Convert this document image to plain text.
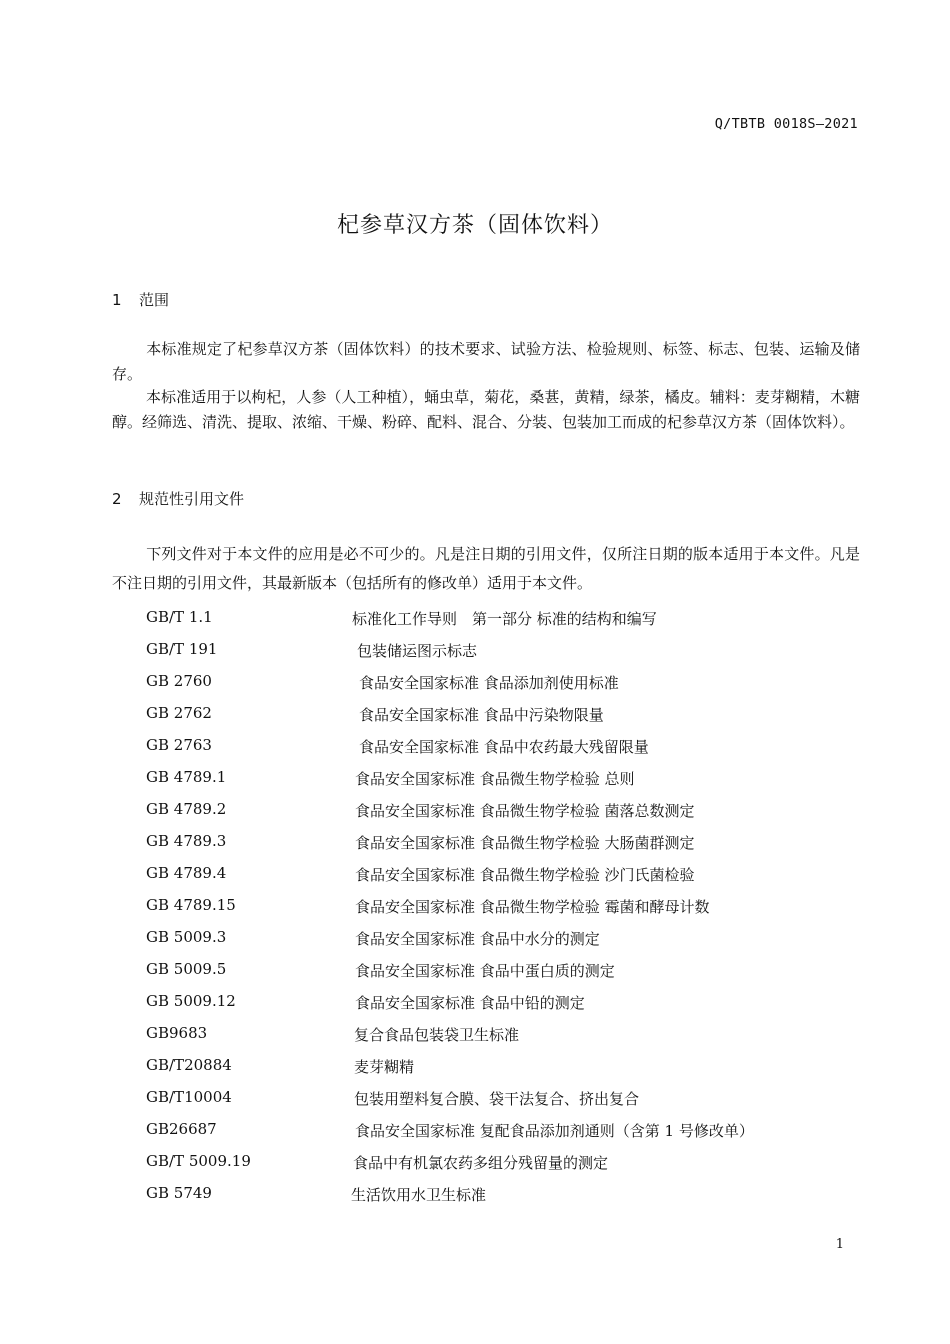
Q/TBTB 0018S—2021
杞参草汉方茶（固体饮料）
1 范围
本标准规定了杞参草汉方茶（固体饮料）的技术要求、试验方法、检验规则、标签、标志、包装、运输及储存。
本标准适用于以枸杞，人参（人工种植），蛹虫草，菊花，桑葚，黄精，绿茶，橘皮。辅料：麦芽糊精，木糖醇。经筛选、清洗、提取、浓缩、干燥、粉碎、配料、混合、分装、包装加工而成的杞参草汉方茶（固体饮料）。
2 规范性引用文件
下列文件对于本文件的应用是必不可少的。凡是注日期的引用文件，仅所注日期的版本适用于本文件。凡是不注日期的引用文件，其最新版本（包括所有的修改单）适用于本文件。
GB/T 1.1	标准化工作导则　第一部分 标准的结构和编写
GB/T 191	包装储运图示标志
GB 2760	食品安全国家标准 食品添加剂使用标准
GB 2762	食品安全国家标准 食品中污染物限量
GB 2763	食品安全国家标准 食品中农药最大残留限量
GB 4789.1	食品安全国家标准 食品微生物学检验 总则
GB 4789.2	食品安全国家标准 食品微生物学检验 菌落总数测定
GB 4789.3	食品安全国家标准 食品微生物学检验 大肠菌群测定
GB 4789.4	食品安全国家标准 食品微生物学检验 沙门氏菌检验
GB 4789.15	食品安全国家标准 食品微生物学检验 霉菌和酵母计数
GB 5009.3	食品安全国家标准 食品中水分的测定
GB 5009.5	食品安全国家标准 食品中蛋白质的测定
GB 5009.12	食品安全国家标准 食品中铅的测定
GB9683	复合食品包装袋卫生标准
GB/T20884	麦芽糊精
GB/T10004	包装用塑料复合膜、袋干法复合、挤出复合
GB26687	食品安全国家标准 复配食品添加剂通则（含第 1 号修改单）
GB/T 5009.19	食品中有机氯农药多组分残留量的测定
GB 5749	生活饮用水卫生标准
1
